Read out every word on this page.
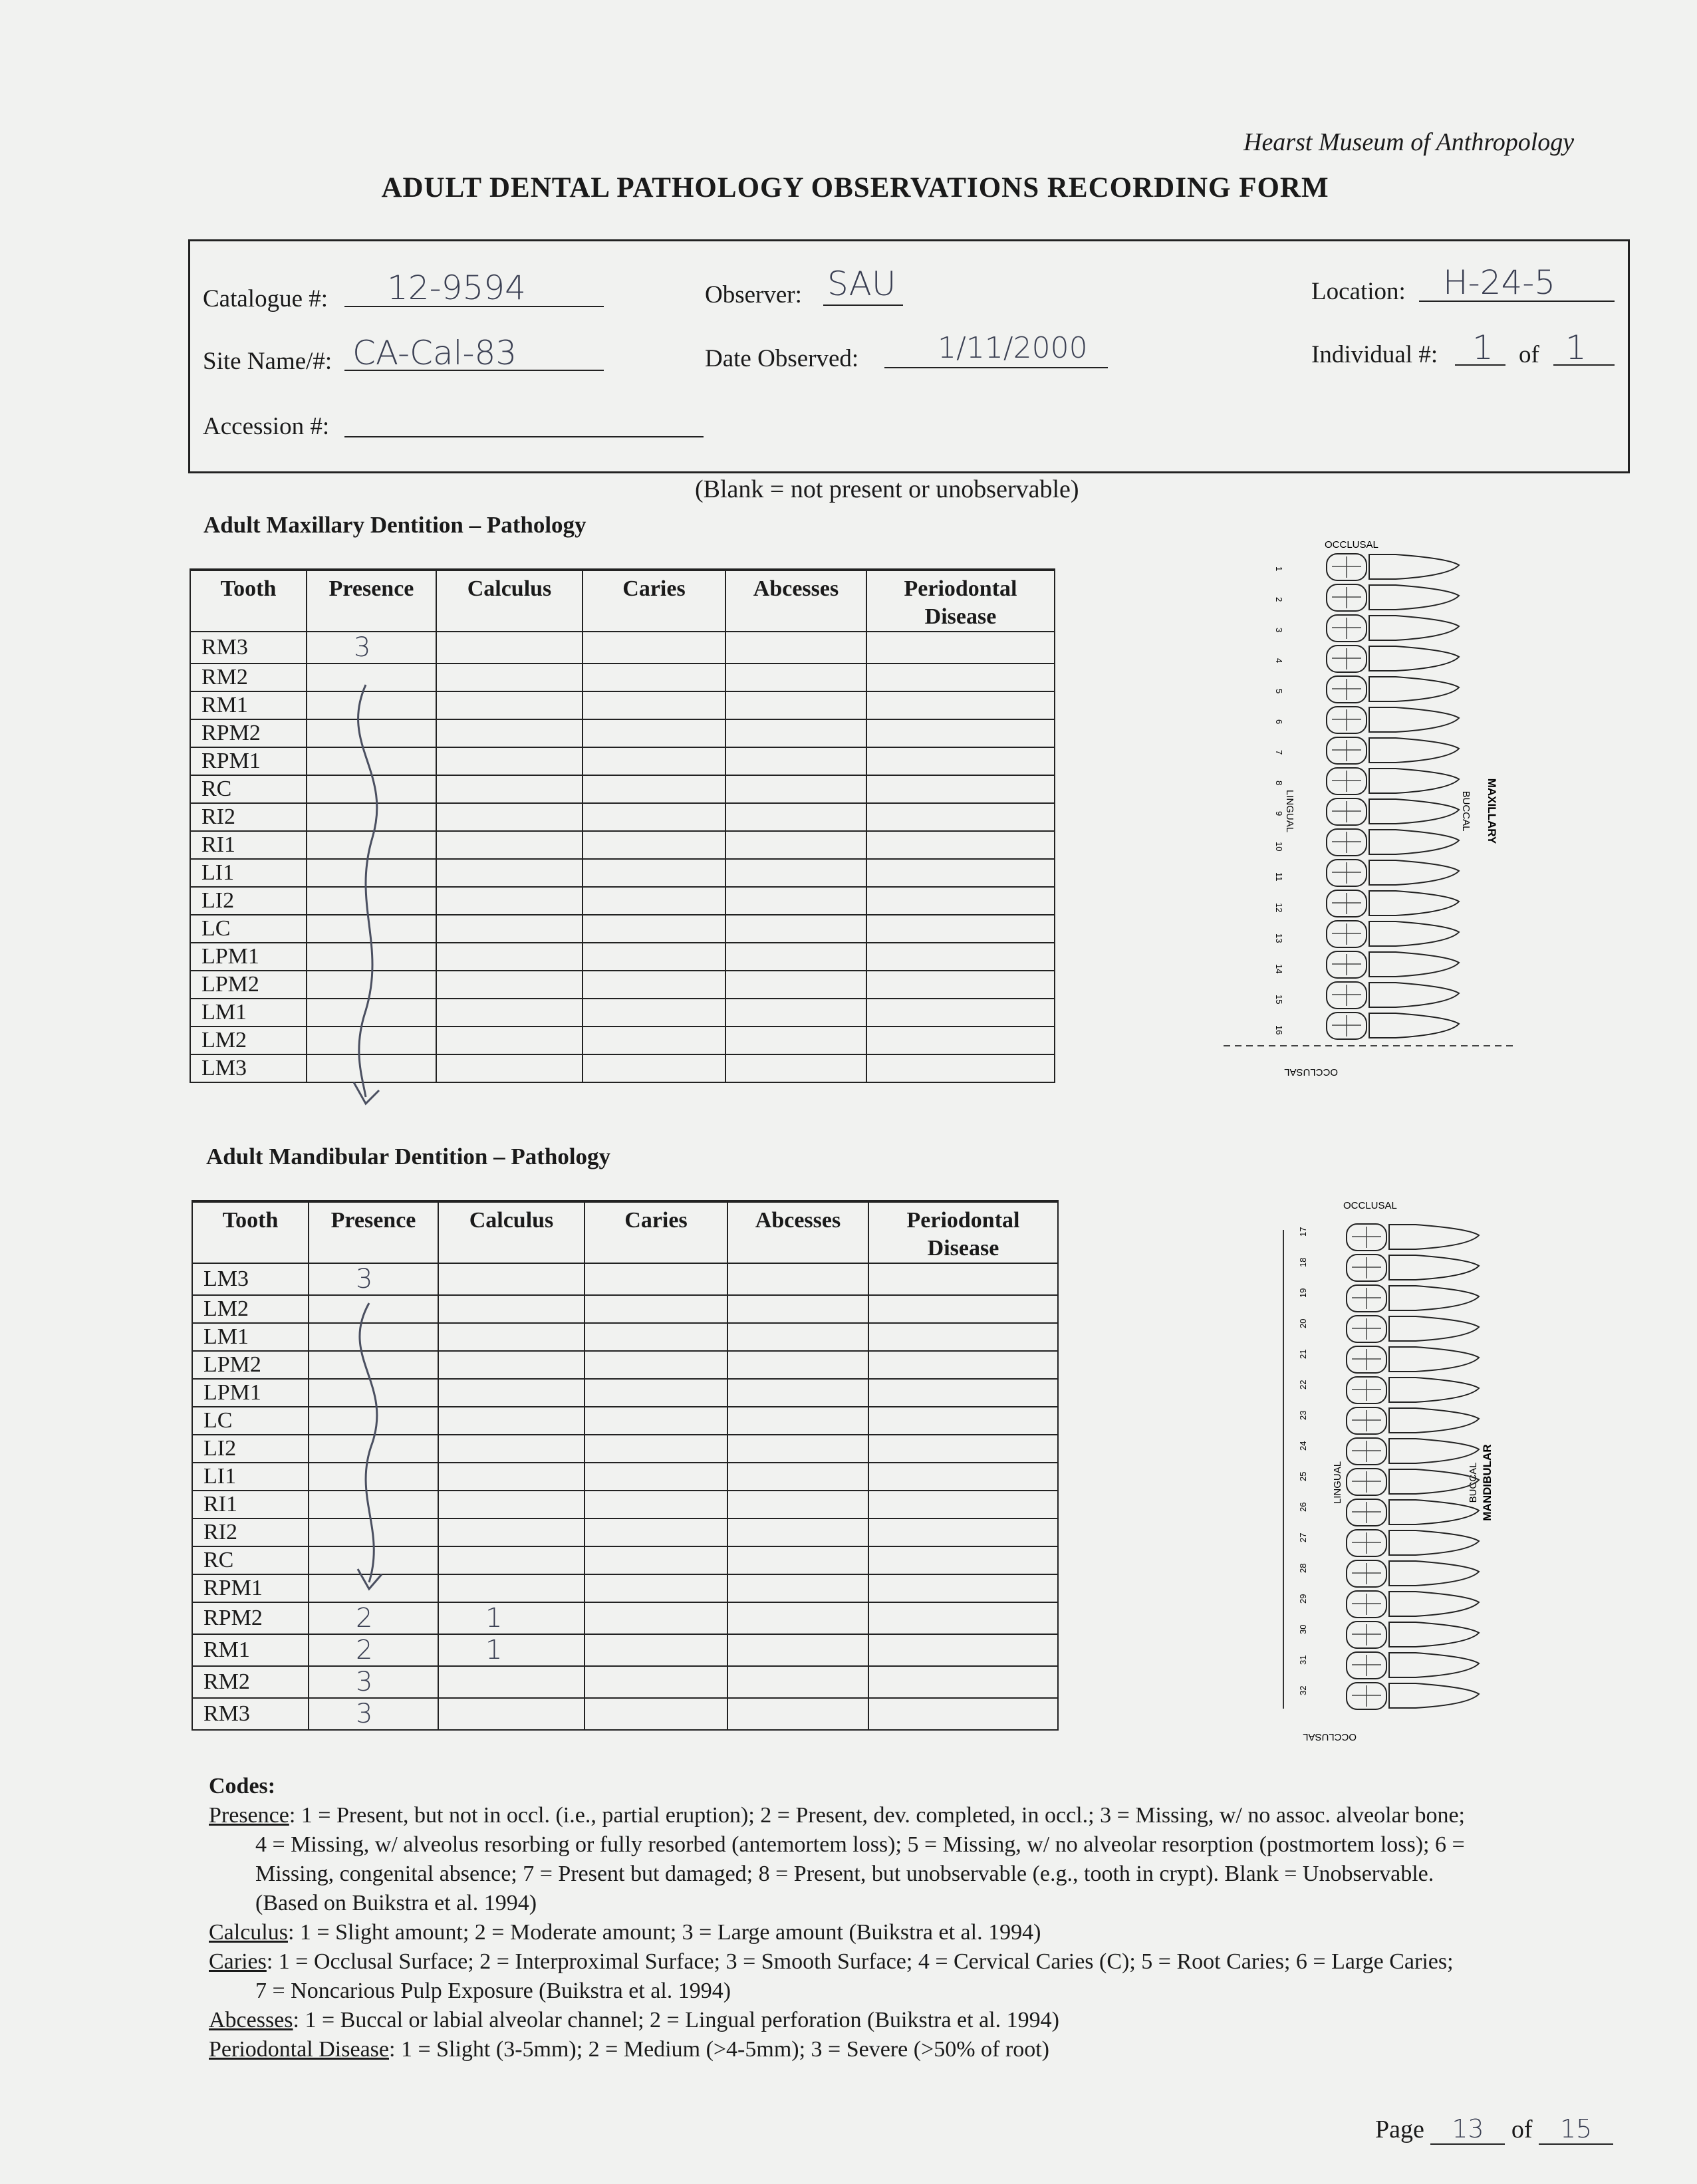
Hearst Museum of Anthropology
ADULT DENTAL PATHOLOGY OBSERVATIONS RECORDING FORM
Catalogue #: 12-9594	Observer: SAU	Location: H-24-5
Site Name/#: CA-Cal-83	Date Observed:	1/11/2000	Individual #: 1 of 1
Accession #:
(Blank = not present or unobservable)
Adult Maxillary Dentition – Pathology
Tooth	Presence	Calculus	Caries	Abcesses	Periodontal Disease
RM3	3				
RM2					
RM1					
RPM2					
RPM1					
RC					
RI2					
RI1					
LI1					
LI2					
LC					
LPM1					
LPM2					
LM1					
LM2					
LM3					
Adult Mandibular Dentition – Pathology
Tooth	Presence	Calculus	Caries	Abcesses	Periodontal Disease
LM3	3				
LM2					
LM1					
LPM2					
LPM1					
LC					
LI2					
LI1					
RI1					
RI2					
RC					
RPM1					
RPM2	2	1			
RM1	2	1			
RM2	3				
RM3	3				
OCCLUSAL
OCCLUSAL
LINGUAL	BUCCAL MAXILLARY
1
2
3
4
5
6
7
8
9
10
11
12
13
14
15
16
OCCLUSAL
OCCLUSAL
LINGUAL	BUCCAL MANDIBULAR
17
18
19
20
21
22
23
24
25
26
27
28
29
30
31
32

Codes:

Presence: 1 = Present, but not in occl. (i.e., partial eruption); 2 = Present, dev. completed, in occl.; 3 = Missing, w/ no assoc. alveolar bone;

4 = Missing, w/ alveolus resorbing or fully resorbed (antemortem loss); 5 = Missing, w/ no alveolar resorption (postmortem loss); 6 =

Missing, congenital absence; 7 = Present but damaged; 8 = Present, but unobservable (e.g., tooth in crypt). Blank = Unobservable.

(Based on Buikstra et al. 1994)

Calculus: 1 = Slight amount; 2 = Moderate amount; 3 = Large amount (Buikstra et al. 1994)

Caries: 1 = Occlusal Surface; 2 = Interproximal Surface; 3 = Smooth Surface; 4 = Cervical Caries (C); 5 = Root Caries; 6 = Large Caries;

7 = Noncarious Pulp Exposure (Buikstra et al. 1994)

Abcesses: 1 = Buccal or labial alveolar channel; 2 = Lingual perforation (Buikstra et al. 1994)

Periodontal Disease: 1 = Slight (3-5mm); 2 = Medium (>4-5mm); 3 = Severe (>50% of root)

Page 13 of 15
